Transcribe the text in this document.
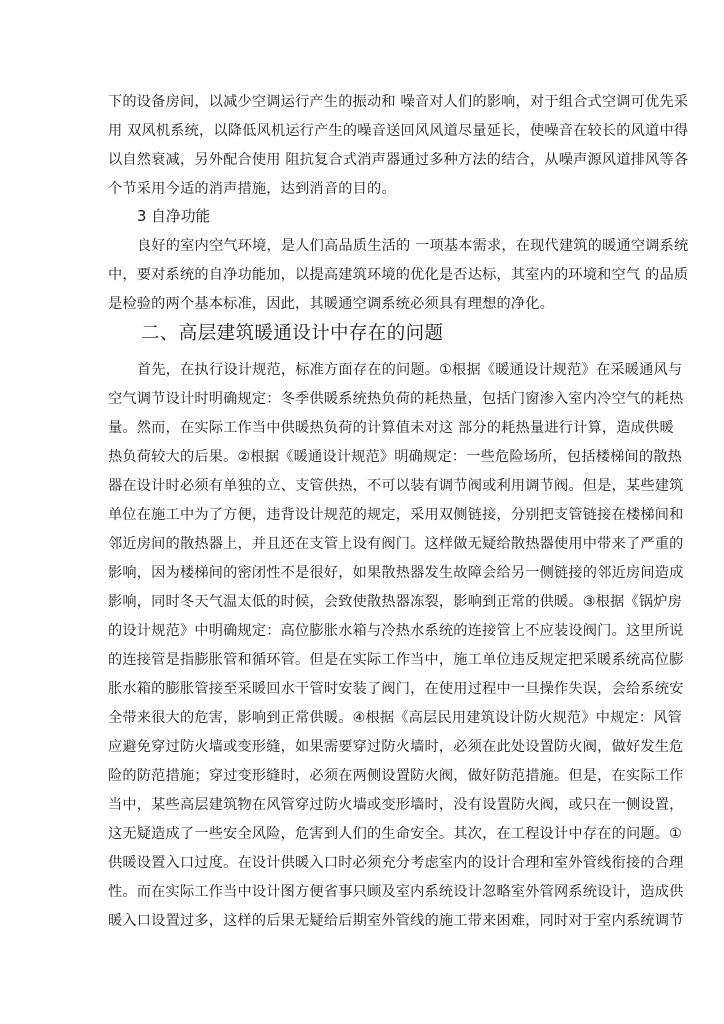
下的设备房间，以减少空调运行产生的振动和 噪音对人们的影响，对于组合式空调可优先采
用 双风机系统，以降低风机运行产生的噪音送回风风道尽量延长，使噪音在较长的风道中得
以自然衰减，另外配合使用 阻抗复合式消声器通过多种方法的结合，从噪声源风道排风等各
个节采用今适的消声措施，达到消音的目的。
3 自净功能
良好的室内空气环境，是人们高品质生活的 一项基本需求，在现代建筑的暖通空调系统
中，要对系统的自净功能加，以提高建筑环境的优化是否达标，其室内的环境和空气 的品质
是检验的两个基本标准，因此，其暖通空调系统必须具有理想的净化。
二、高层建筑暖通设计中存在的问题
首先，在执行设计规范，标准方面存在的问题。①根据《暖通设计规范》在采暖通风与
空气调节设计时明确规定：冬季供暖系统热负荷的耗热量，包括门窗渗入室内冷空气的耗热
量。然而，在实际工作当中供暖热负荷的计算值未对这 部分的耗热量进行计算，造成供暖
热负荷较大的后果。②根据《暖通设计规范》明确规定：一些危险场所，包括楼梯间的散热
器在设计时必须有单独的立、支管供热，不可以装有调节阀或利用调节阀。但是，某些建筑
单位在施工中为了方便，违背设计规范的规定，采用双侧链接，分别把支管链接在楼梯间和
邻近房间的散热器上，并且还在支管上设有阀门。这样做无疑给散热器使用中带来了严重的
影响，因为楼梯间的密闭性不是很好，如果散热器发生故障会给另一侧链接的邻近房间造成
影响，同时冬天气温太低的时候，会致使散热器冻裂，影响到正常的供暖。③根据《锅炉房
的设计规范》中明确规定：高位膨胀水箱与冷热水系统的连接管上不应装设阀门。这里所说
的连接管是指膨胀管和循环管。但是在实际工作当中，施工单位违反规定把采暖系统高位膨
胀水箱的膨胀管接至采暖回水干管时安装了阀门，在使用过程中一旦操作失误，会给系统安
全带来很大的危害，影响到正常供暖。④根据《高层民用建筑设计防火规范》中规定：风管
应避免穿过防火墙或变形缝，如果需要穿过防火墙时，必须在此处设置防火阀，做好发生危
险的防范措施；穿过变形缝时，必须在两侧设置防火阀，做好防范措施。但是，在实际工作
当中，某些高层建筑物在风管穿过防火墙或变形墙时，没有设置防火阀，或只在一侧设置，
这无疑造成了一些安全风险，危害到人们的生命安全。其次，在工程设计中存在的问题。①
供暖设置入口过度。在设计供暖入口时必须充分考虑室内的设计合理和室外管线衔接的合理
性。而在实际工作当中设计图方便省事只顾及室内系统设计忽略室外管网系统设计，造成供
暖入口设置过多，这样的后果无疑给后期室外管线的施工带来困难，同时对于室内系统调节
